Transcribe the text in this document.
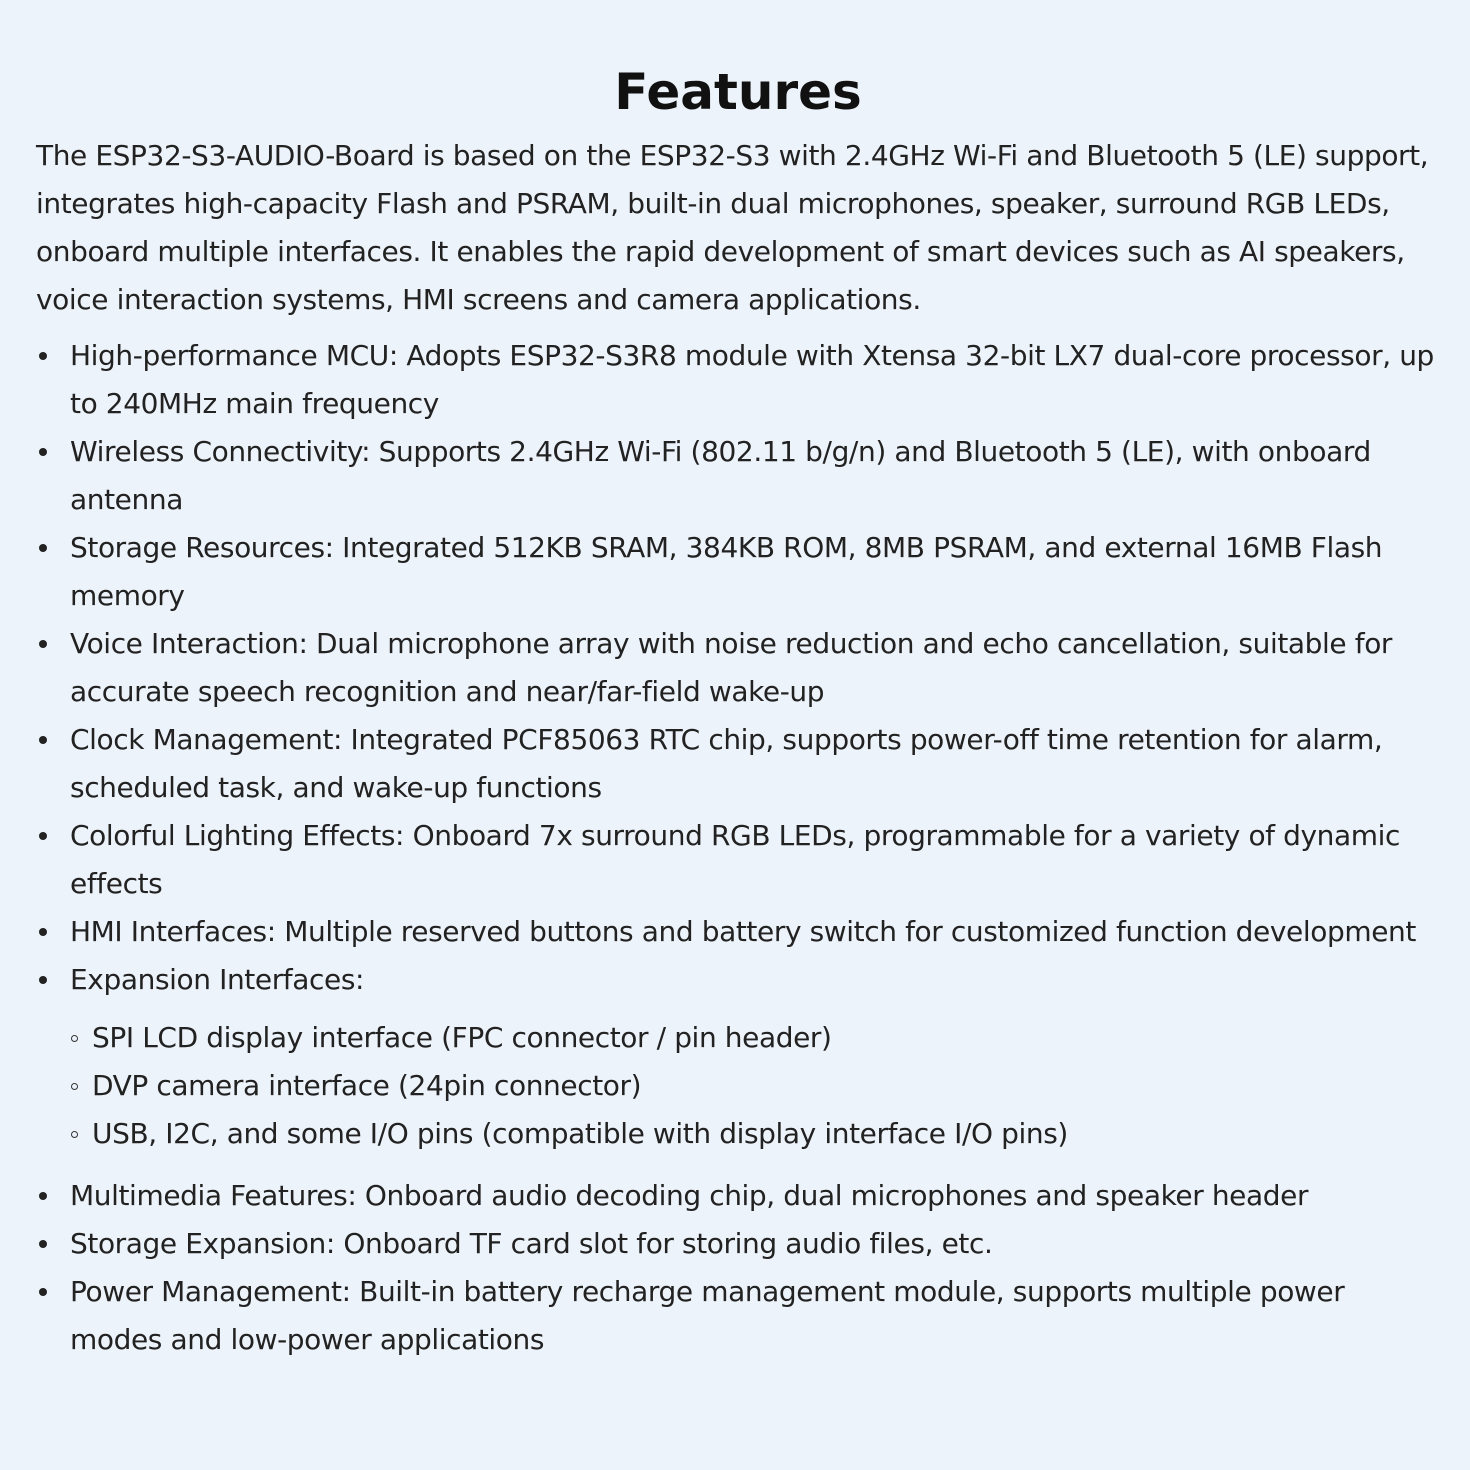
Features

The ESP32-S3-AUDIO-Board is based on the ESP32-S3 with 2.4GHz Wi-Fi and Bluetooth 5 (LE) support, integrates high-capacity Flash and PSRAM, built-in dual microphones, speaker, surround RGB LEDs, onboard multiple interfaces. It enables the rapid development of smart devices such as AI speakers, voice interaction systems, HMI screens and camera applications.

High-performance MCU: Adopts ESP32-S3R8 module with Xtensa 32-bit LX7 dual-core processor, up to 240MHz main frequency
Wireless Connectivity: Supports 2.4GHz Wi-Fi (802.11 b/g/n) and Bluetooth 5 (LE), with onboard antenna
Storage Resources: Integrated 512KB SRAM, 384KB ROM, 8MB PSRAM, and external 16MB Flash memory
Voice Interaction: Dual microphone array with noise reduction and echo cancellation, suitable for accurate speech recognition and near/far-field wake-up
Clock Management: Integrated PCF85063 RTC chip, supports power-off time retention for alarm, scheduled task, and wake-up functions
Colorful Lighting Effects: Onboard 7x surround RGB LEDs, programmable for a variety of dynamic effects
HMI Interfaces: Multiple reserved buttons and battery switch for customized function development
Expansion Interfaces:
SPI LCD display interface (FPC connector / pin header)
DVP camera interface (24pin connector)
USB, I2C, and some I/O pins (compatible with display interface I/O pins)
Multimedia Features: Onboard audio decoding chip, dual microphones and speaker header
Storage Expansion: Onboard TF card slot for storing audio files, etc.
Power Management: Built-in battery recharge management module, supports multiple power modes and low-power applications
